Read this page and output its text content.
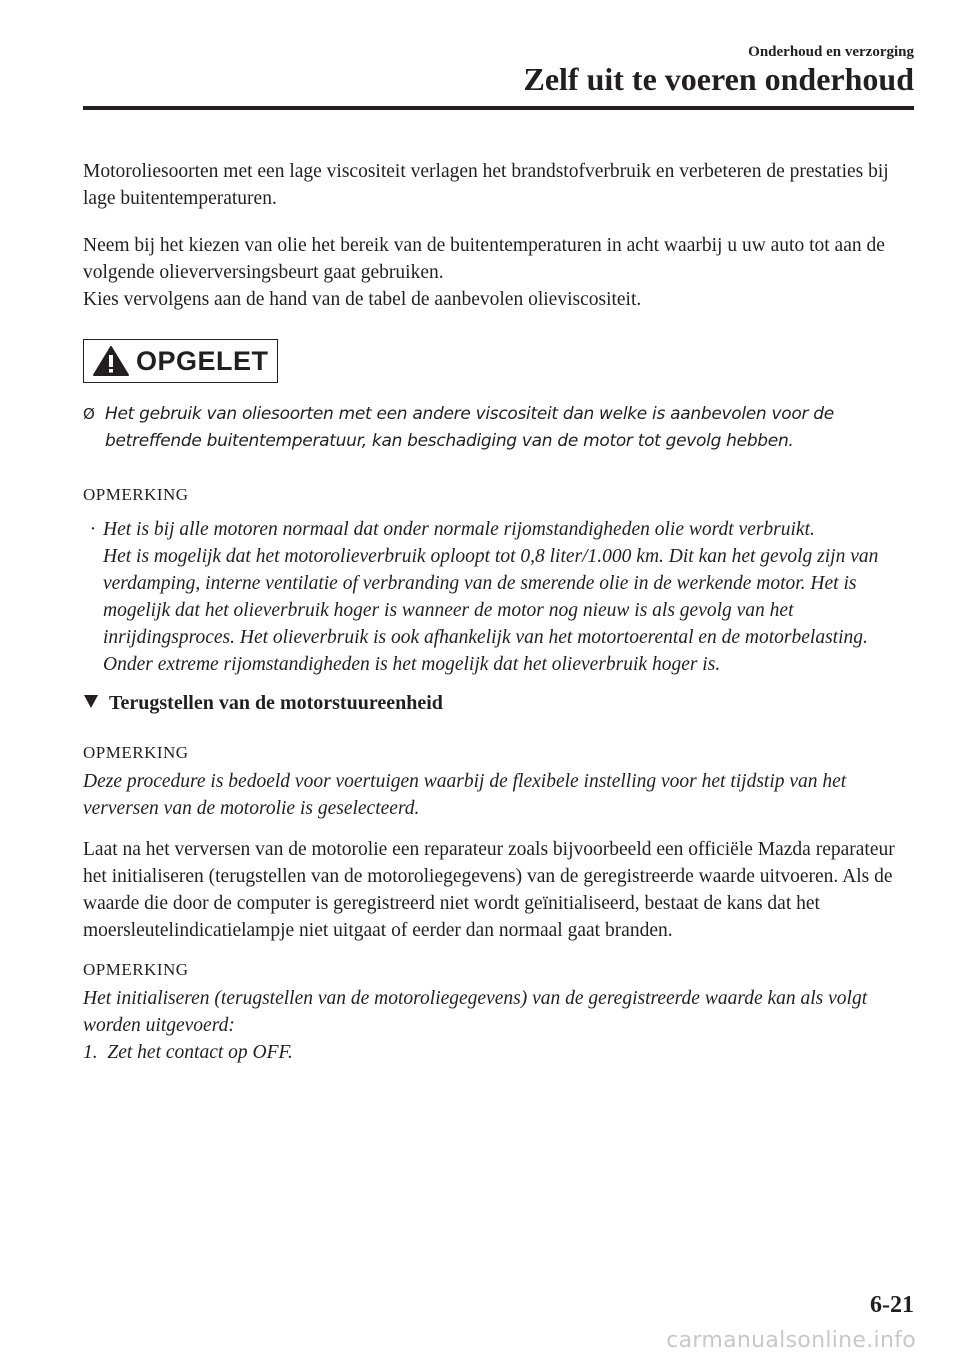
Onderhoud en verzorging
Zelf uit te voeren onderhoud

Motoroliesoorten met een lage viscositeit verlagen het brandstofverbruik en verbeteren de prestaties bij lage buitentemperaturen.

Neem bij het kiezen van olie het bereik van de buitentemperaturen in acht waarbij u uw auto tot aan de volgende olieverversingsbeurt gaat gebruiken.

Kies vervolgens aan de hand van de tabel de aanbevolen olieviscositeit.

OPGELET
Ø Het gebruik van oliesoorten met een andere viscositeit dan welke is aanbevolen voor de betreffende buitentemperatuur, kan beschadiging van de motor tot gevolg hebben.
OPMERKING
· Het is bij alle motoren normaal dat onder normale rijomstandigheden olie wordt verbruikt.
Het is mogelijk dat het motorolieverbruik oploopt tot 0,8 liter/1.000 km. Dit kan het gevolg zijn van verdamping, interne ventilatie of verbranding van de smerende olie in de werkende motor. Het is mogelijk dat het olieverbruik hoger is wanneer de motor nog nieuw is als gevolg van het inrijdingsproces. Het olieverbruik is ook afhankelijk van het motortoerental en de motorbelasting. Onder extreme rijomstandigheden is het mogelijk dat het olieverbruik hoger is.
Terugstellen van de motorstuureenheid
OPMERKING

Deze procedure is bedoeld voor voertuigen waarbij de flexibele instelling voor het tijdstip van het verversen van de motorolie is geselecteerd.

Laat na het verversen van de motorolie een reparateur zoals bijvoorbeeld een officiële Mazda reparateur het initialiseren (terugstellen van de motoroliegegevens) van de geregistreerde waarde uitvoeren. Als de waarde die door de computer is geregistreerd niet wordt geïnitialiseerd, bestaat de kans dat het moersleutelindicatielampje niet uitgaat of eerder dan normaal gaat branden.

OPMERKING

Het initialiseren (terugstellen van de motoroliegegevens) van de geregistreerde waarde kan als volgt worden uitgevoerd:

1.  Zet het contact op OFF.

6-21
carmanualsonline.info
